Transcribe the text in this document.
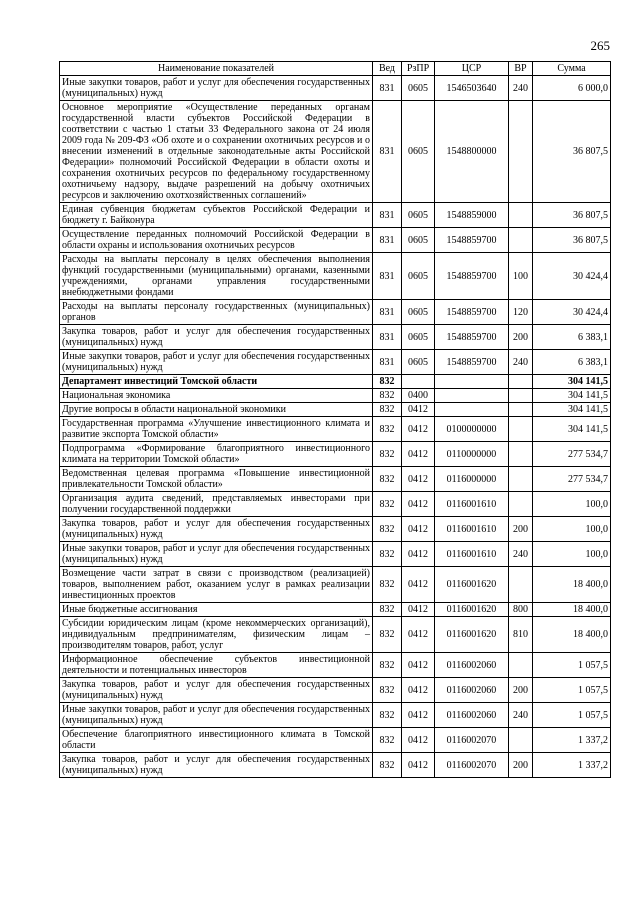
265
Наименование показателей	Вед	РзПР	ЦСР	ВР	Сумма
Иные закупки товаров, работ и услуг для обеспечения государственных (муниципальных) нужд	831	0605	1546503640	240	6 000,0
Основное мероприятие «Осуществление переданных органам государственной власти субъектов Российской Федерации в соответствии с частью 1 статьи 33 Федерального закона от 24 июля 2009 года № 209-ФЗ «Об охоте и о сохранении охотничьих ресурсов и о внесении изменений в отдельные законодательные акты Российской Федерации» полномочий Российской Федерации в области охоты и сохранения охотничьих ресурсов по федеральному государственному охотничьему надзору, выдаче разрешений на добычу охотничьих ресурсов и заключению охотхозяйственных соглашений»	831	0605	1548800000		36 807,5
Единая субвенция бюджетам субъектов Российской Федерации и бюджету г. Байконура	831	0605	1548859000		36 807,5
Осуществление переданных полномочий Российской Федерации в области охраны и использования охотничьих ресурсов	831	0605	1548859700		36 807,5
Расходы на выплаты персоналу в целях обеспечения выполнения функций государственными (муниципальными) органами, казенными учреждениями, органами управления государственными внебюджетными фондами	831	0605	1548859700	100	30 424,4
Расходы на выплаты персоналу государственных (муниципальных) органов	831	0605	1548859700	120	30 424,4
Закупка товаров, работ и услуг для обеспечения государственных (муниципальных) нужд	831	0605	1548859700	200	6 383,1
Иные закупки товаров, работ и услуг для обеспечения государственных (муниципальных) нужд	831	0605	1548859700	240	6 383,1
Департамент инвестиций Томской области	832				304 141,5
Национальная экономика	832	0400			304 141,5
Другие вопросы в области национальной экономики	832	0412			304 141,5
Государственная программа «Улучшение инвестиционного климата и развитие экспорта Томской области»	832	0412	0100000000		304 141,5
Подпрограмма «Формирование благоприятного инвестиционного климата на территории Томской области»	832	0412	0110000000		277 534,7
Ведомственная целевая программа «Повышение инвестиционной привлекательности Томской области»	832	0412	0116000000		277 534,7
Организация аудита сведений, представляемых инвесторами при получении государственной поддержки	832	0412	0116001610		100,0
Закупка товаров, работ и услуг для обеспечения государственных (муниципальных) нужд	832	0412	0116001610	200	100,0
Иные закупки товаров, работ и услуг для обеспечения государственных (муниципальных) нужд	832	0412	0116001610	240	100,0
Возмещение части затрат в связи с производством (реализацией) товаров, выполнением работ, оказанием услуг в рамках реализации инвестиционных проектов	832	0412	0116001620		18 400,0
Иные бюджетные ассигнования	832	0412	0116001620	800	18 400,0
Субсидии юридическим лицам (кроме некоммерческих организаций), индивидуальным предпринимателям, физическим лицам – производителям товаров, работ, услуг	832	0412	0116001620	810	18 400,0
Информационное обеспечение субъектов инвестиционной деятельности и потенциальных инвесторов	832	0412	0116002060		1 057,5
Закупка товаров, работ и услуг для обеспечения государственных (муниципальных) нужд	832	0412	0116002060	200	1 057,5
Иные закупки товаров, работ и услуг для обеспечения государственных (муниципальных) нужд	832	0412	0116002060	240	1 057,5
Обеспечение благоприятного инвестиционного климата в Томской области	832	0412	0116002070		1 337,2
Закупка товаров, работ и услуг для обеспечения государственных (муниципальных) нужд	832	0412	0116002070	200	1 337,2
